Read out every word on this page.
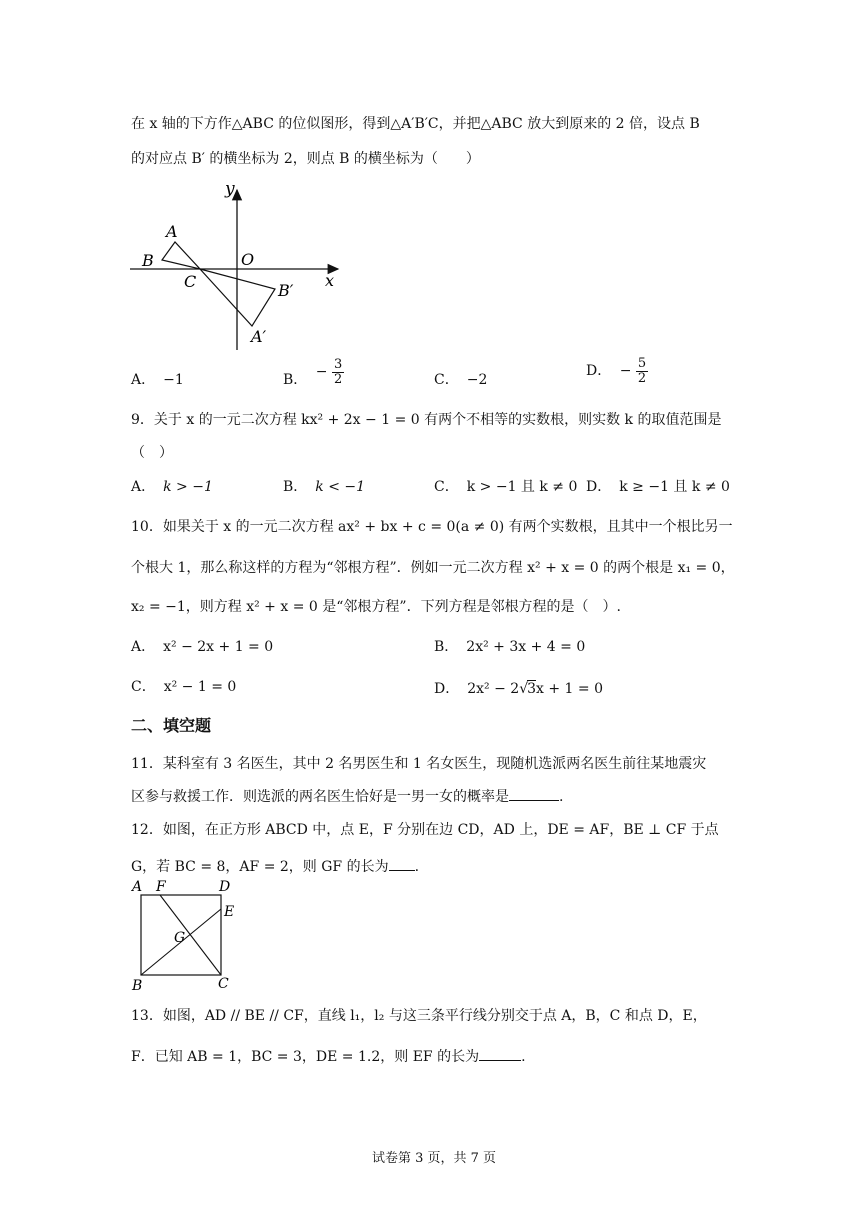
在 x 轴的下方作△ABC 的位似图形，得到△A′B′C，并把△ABC 放大到原来的 2 倍，设点 B
的对应点 B′ 的横坐标为 2，则点 B 的横坐标为（　　）
y
A
B	O
C	x
B′
A′
A． −1	B． − $\frac{3}{2}$	C． −2
D． − $\frac{5}{2}$
9．关于 x 的一元二次方程 kx² + 2x − 1 = 0 有两个不相等的实数根，则实数 k 的取值范围是
（　）
A． k > −1	B． k < −1	C． k > −1 且 k ≠ 0 D． k ≥ −1 且 k ≠ 0
10．如果关于 x 的一元二次方程 ax² + bx + c = 0(a ≠ 0) 有两个实数根，且其中一个根比另一
个根大 1，那么称这样的方程为“邻根方程”．例如一元二次方程 x² + x = 0 的两个根是 x₁ = 0，
x₂ = −1，则方程 x² + x = 0 是“邻根方程”．下列方程是邻根方程的是（　）.
A． x² − 2x + 1 = 0	B． 2x² + 3x + 4 = 0
C． x² − 1 = 0	D． 2x² − 2√3x + 1 = 0
二、填空题
11．某科室有 3 名医生，其中 2 名男医生和 1 名女医生，现随机选派两名医生前往某地震灾
区参与救援工作．则选派的两名医生恰好是一男一女的概率是	.
12．如图，在正方形 ABCD 中，点 E，F 分别在边 CD，AD 上，DE = AF，BE ⊥ CF 于点
G，若 BC = 8，AF = 2，则 GF 的长为 .
A F	D
E
G
B	C
13．如图，AD // BE // CF，直线 l₁，l₂ 与这三条平行线分别交于点 A，B，C 和点 D，E，
F．已知 AB = 1，BC = 3，DE = 1.2，则 EF 的长为	.
试卷第 3 页，共 7 页
